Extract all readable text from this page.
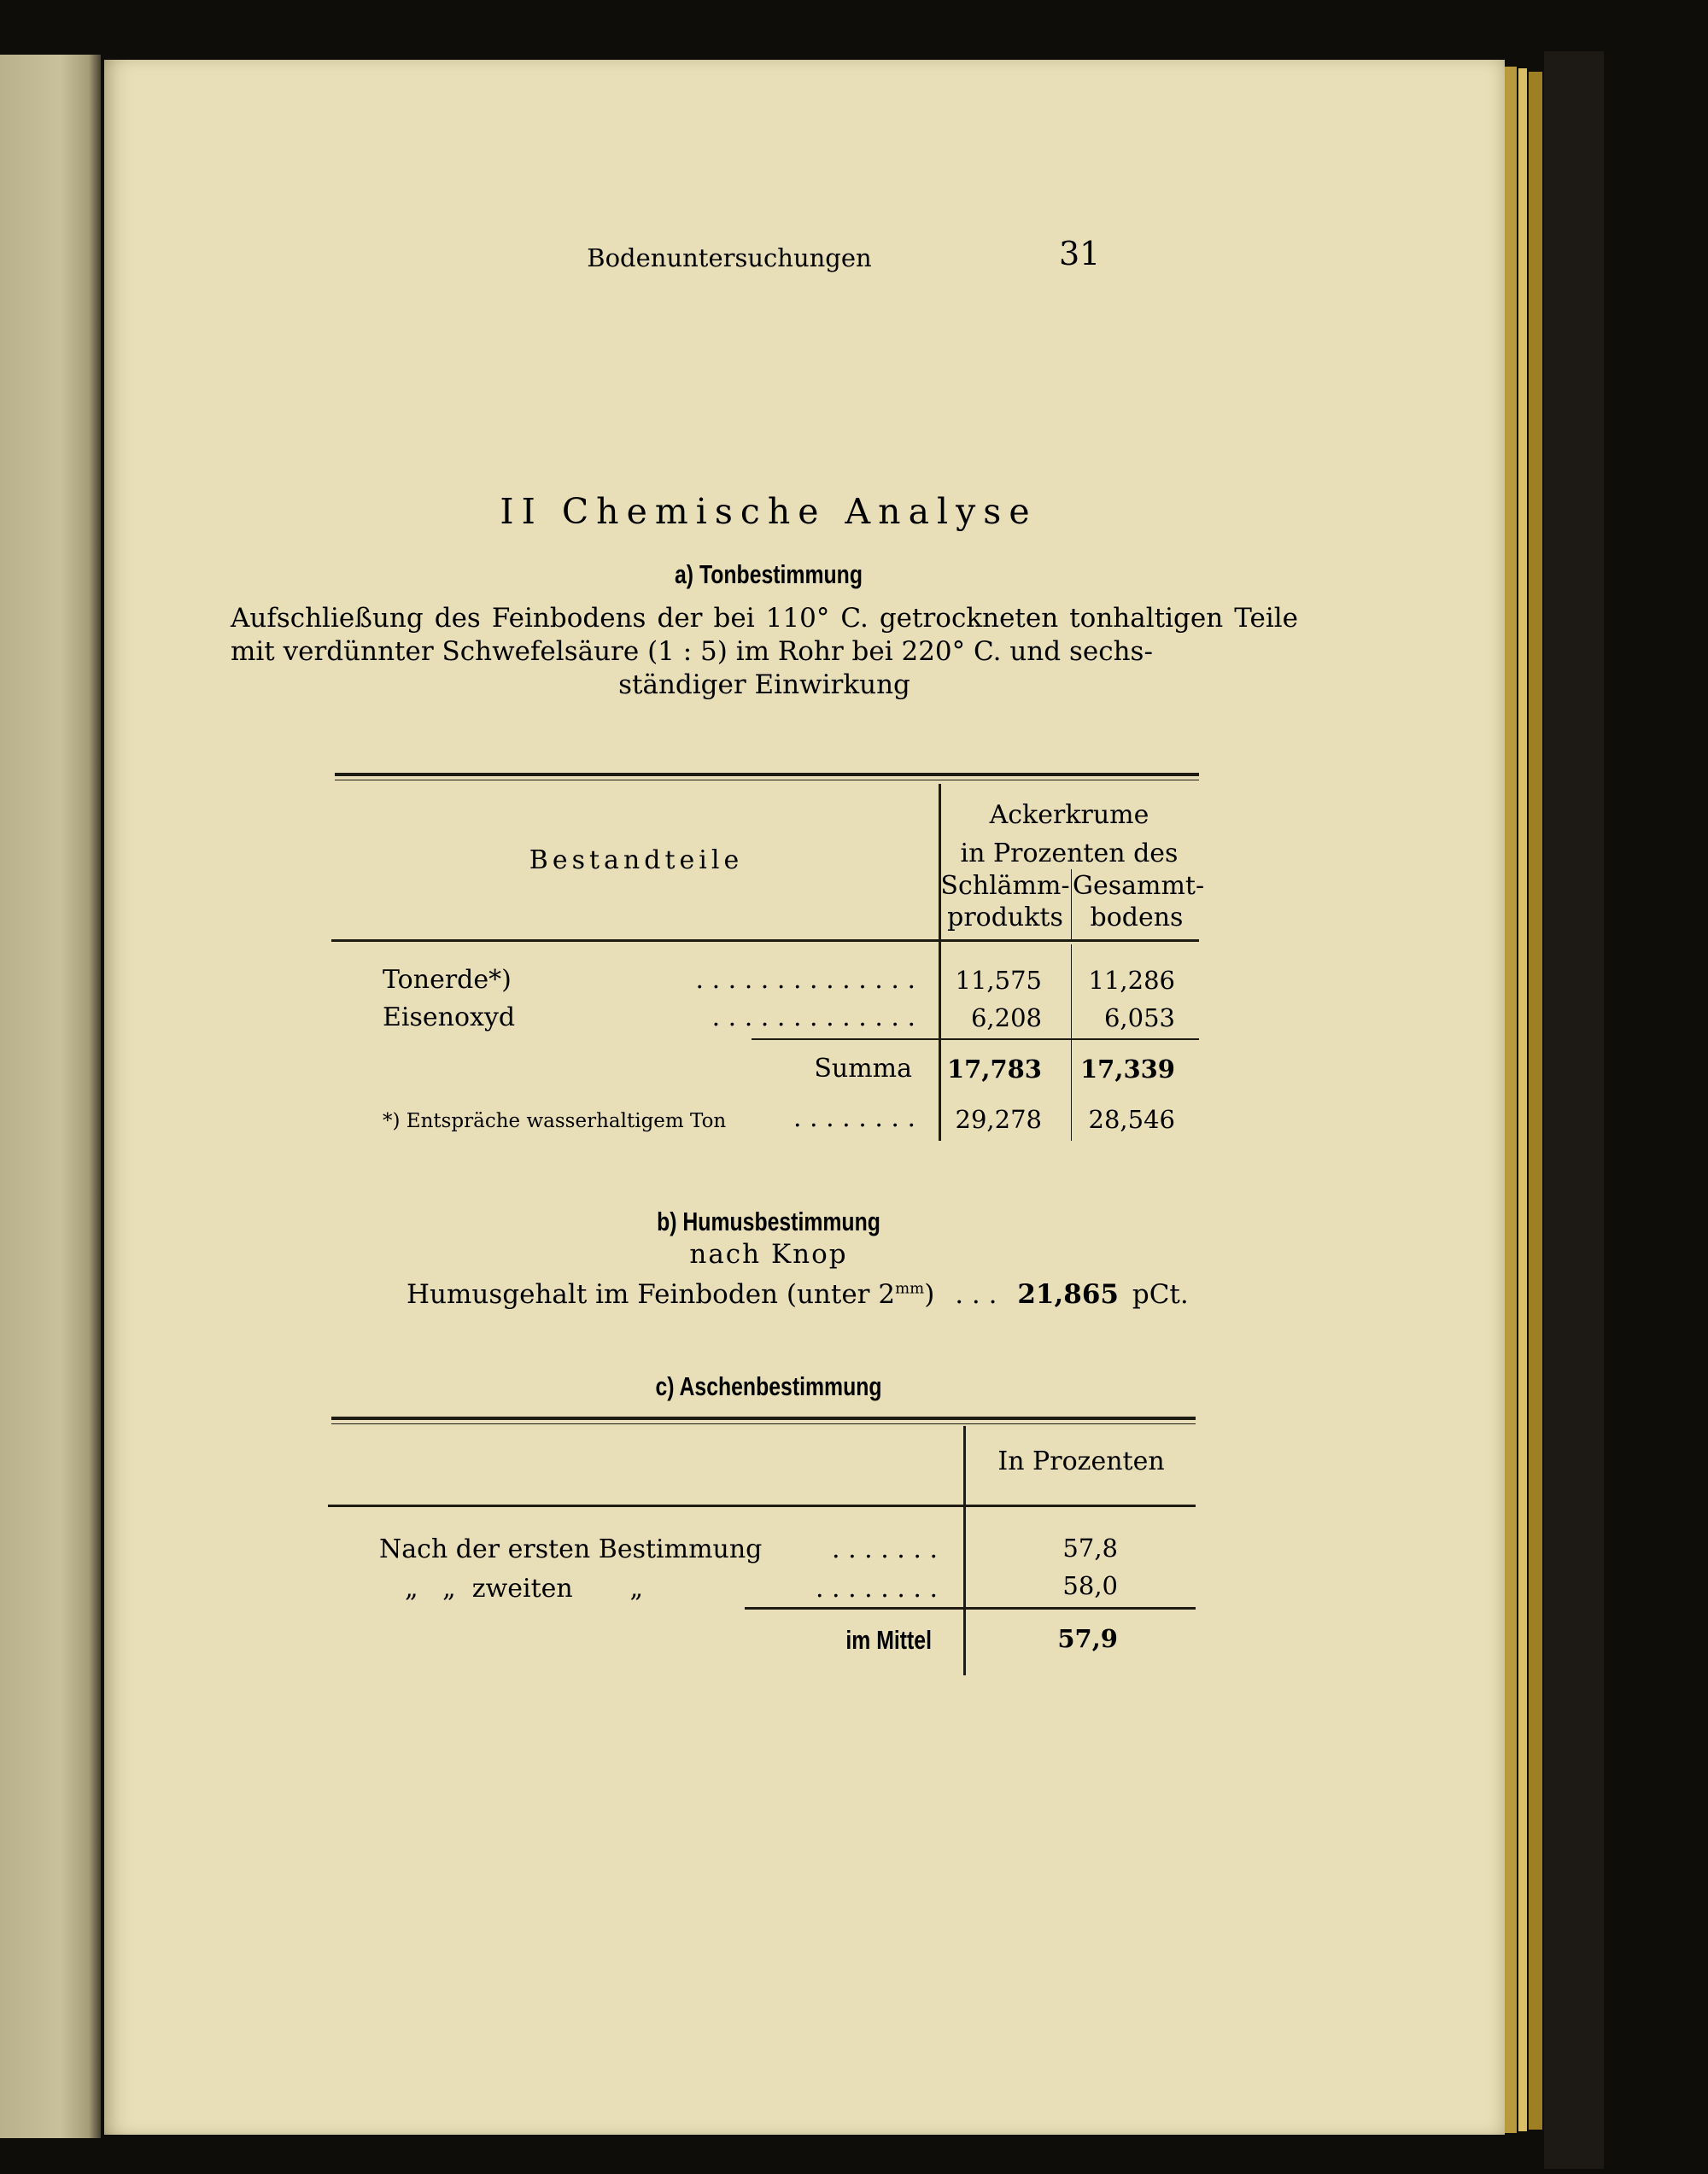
Bodenuntersuchungen	31
II Chemische Analyse
a) Tonbestimmung
Aufschließung des Feinbodens der bei 110° C. getrockneten tonhaltigen Teile mit verdünnter Schwefelsäure (1 : 5) im Rohr bei 220° C. und sechs-
ständiger Einwirkung
Bestandteile
Ackerkrume
in Prozenten des
Schlämm-
produkts
Gesammt-
bodens
Tonerde*)	. . . . . . . . . . . . . .	11,575	11,286
Eisenoxyd	. . . . . . . . . . . . .	6,208	6,053
Summa	17,783	17,339
*) Entspräche wasserhaltigem Ton	. . . . . . . .	29,278	28,546
b) Humusbestimmung
nach Knop
Humusgehalt im Feinboden (unter $2^{mm}$) . . . 21,865 pCt.
c) Aschenbestimmung
In Prozenten
Nach der ersten Bestimmung	. . . . . . .	57,8
„   „  zweiten       „	. . . . . . . .	58,0
im Mittel	57,9
